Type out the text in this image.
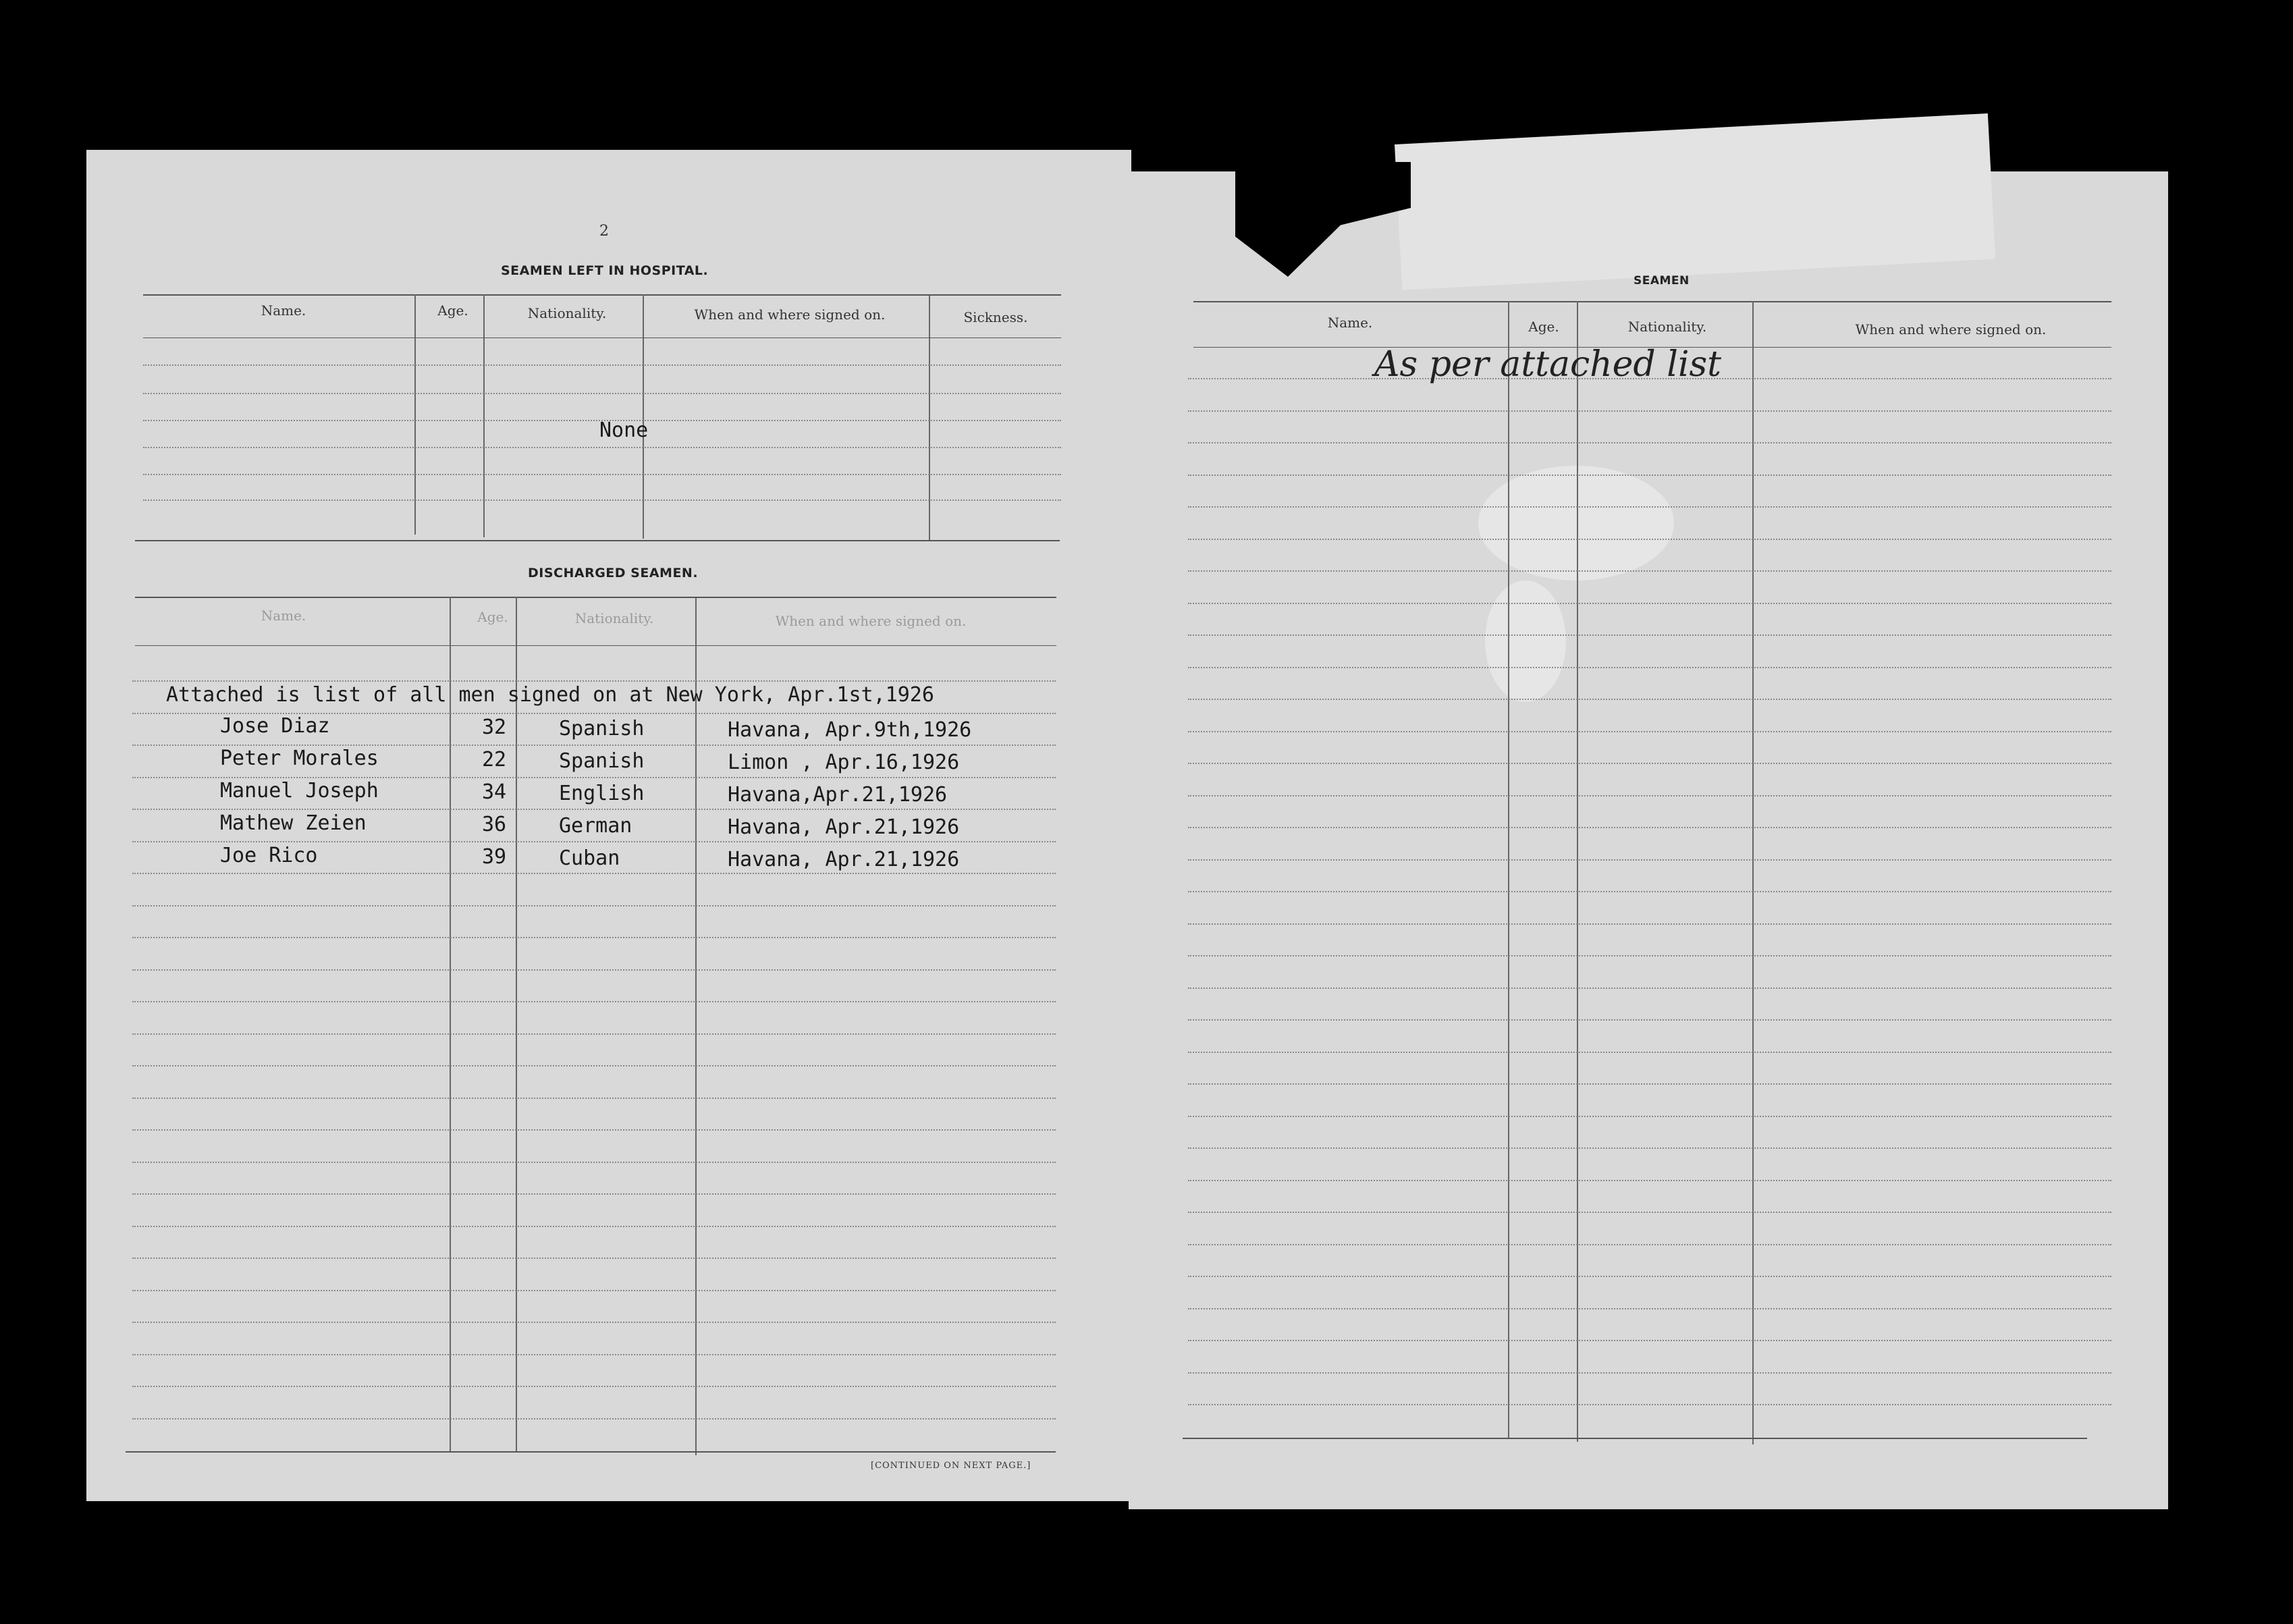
2
SEAMEN LEFT IN HOSPITAL.
Name.	Age.	Nationality.	When and where signed on.	Sickness.
None
DISCHARGED SEAMEN.
Name.	Age.	Nationality.	When and where signed on.
Attached is list of all men signed on at New York, Apr.1st,1926
Jose Diaz	32	Spanish	Havana, Apr.9th,1926
Peter Morales	22	Spanish	Limon , Apr.16,1926
Manuel Joseph	34	English	Havana,Apr.21,1926
Mathew Zeien	36	German	Havana, Apr.21,1926
Joe Rico	39	Cuban	Havana, Apr.21,1926
[CONTINUED ON NEXT PAGE.]
SEAMEN
Name.	Age.	Nationality.	When and where signed on.
As per attached list
